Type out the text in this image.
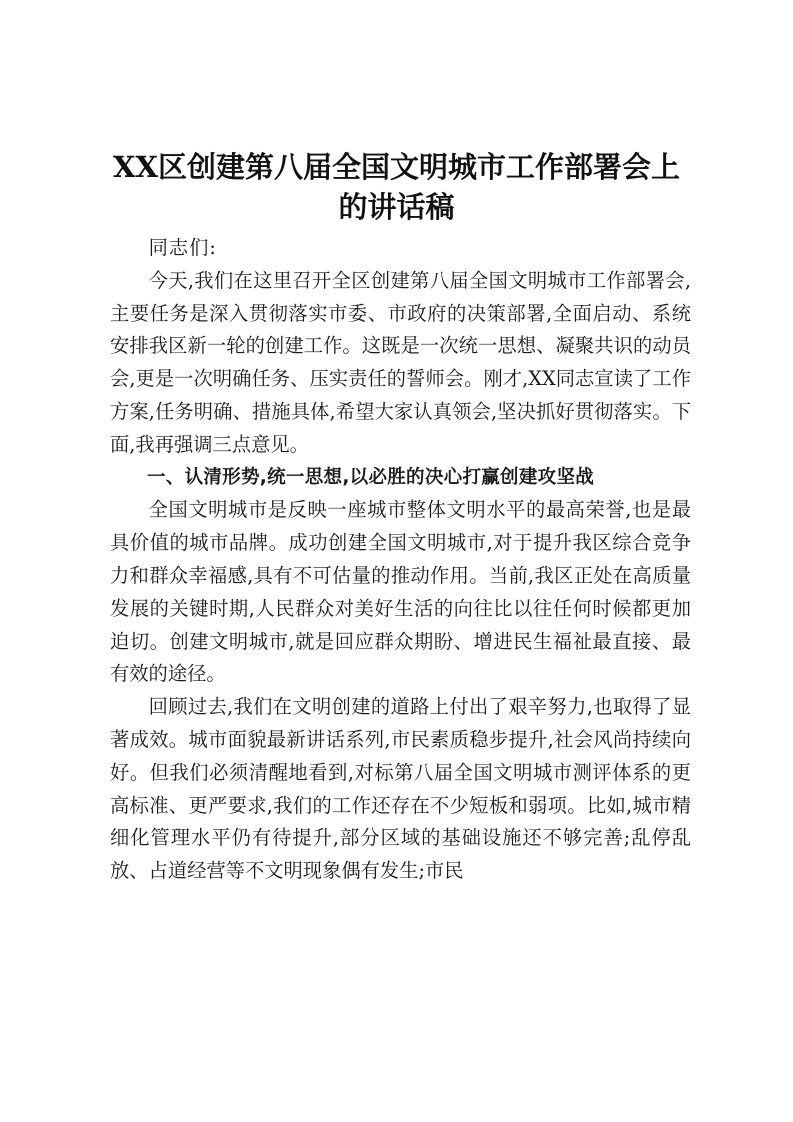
XX区创建第八届全国文明城市工作部署会上的讲话稿

同志们:

今天,我们在这里召开全区创建第八届全国文明城市工作部署会,主要任务是深入贯彻落实市委、市政府的决策部署,全面启动、系统安排我区新一轮的创建工作。这既是一次统一思想、凝聚共识的动员会,更是一次明确任务、压实责任的誓师会。刚才,XX同志宣读了工作方案,任务明确、措施具体,希望大家认真领会,坚决抓好贯彻落实。下面,我再强调三点意见。

一、认清形势,统一思想,以必胜的决心打赢创建攻坚战

全国文明城市是反映一座城市整体文明水平的最高荣誉,也是最具价值的城市品牌。成功创建全国文明城市,对于提升我区综合竞争力和群众幸福感,具有不可估量的推动作用。当前,我区正处在高质量发展的关键时期,人民群众对美好生活的向往比以往任何时候都更加迫切。创建文明城市,就是回应群众期盼、增进民生福祉最直接、最有效的途径。

回顾过去,我们在文明创建的道路上付出了艰辛努力,也取得了显著成效。城市面貌最新讲话系列,市民素质稳步提升,社会风尚持续向好。但我们必须清醒地看到,对标第八届全国文明城市测评体系的更高标准、更严要求,我们的工作还存在不少短板和弱项。比如,城市精细化管理水平仍有待提升,部分区域的基础设施还不够完善;乱停乱放、占道经营等不文明现象偶有发生;市民
